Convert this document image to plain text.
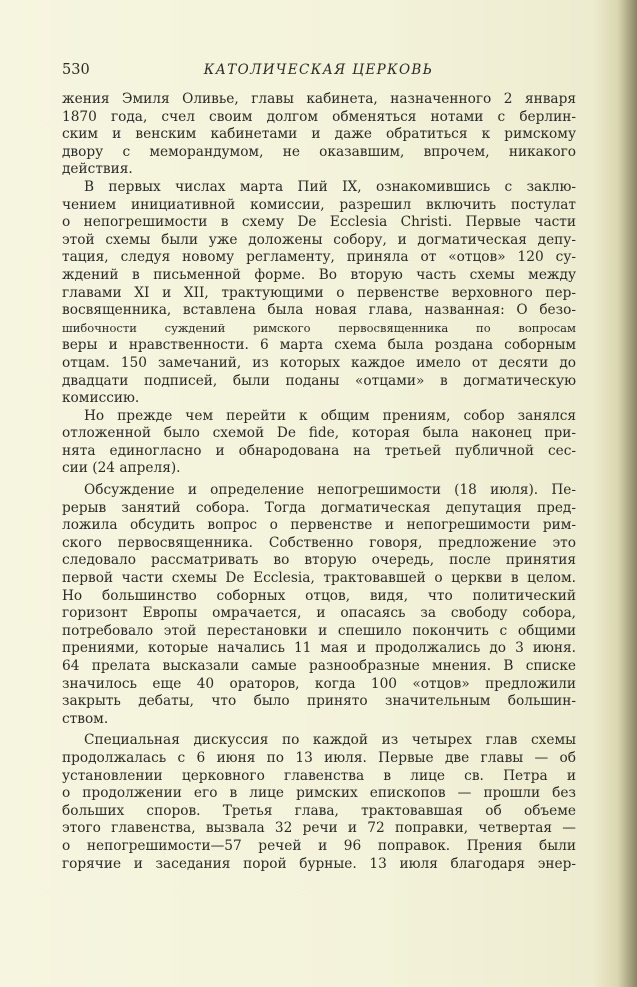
530	КАТОЛИЧЕСКАЯ ЦЕРКОВЬ

жения Эмиля Оливье, главы кабинета, назначенного 2 января

1870 года, счел своим долгом обменяться нотами с берлин-

ским и венским кабинетами и даже обратиться к римскому

двору с меморандумом, не оказавшим, впрочем, никакого

действия.

В первых числах марта Пий IX, ознакомившись с заклю-

чением инициативной комиссии, разрешил включить постулат

о непогрешимости в схему De Ecclesia Christi. Первые части

этой схемы были уже доложены собору, и догматическая депу-

тация, следуя новому регламенту, приняла от «отцов» 120 су-

ждений в письменной форме. Во вторую часть схемы между

главами XI и XII, трактующими о первенстве верховного пер-

восвященника, вставлена была новая глава, названная: О безо-

шибочности суждений римского первосвященника по вопросам

веры и нравственности. 6 марта схема была роздана соборным

отцам. 150 замечаний, из которых каждое имело от десяти до

двадцати подписей, были поданы «отцами» в догматическую

комиссию.

Но прежде чем перейти к общим прениям, собор занялся

отложенной было схемой De fide, которая была наконец при-

нята единогласно и обнародована на третьей публичной сес-

сии (24 апреля).

Обсуждение и определение непогрешимости (18 июля). Пе-

рерыв занятий собора. Тогда догматическая депутация пред-

ложила обсудить вопрос о первенстве и непогрешимости рим-

ского первосвященника. Собственно говоря, предложение это

следовало рассматривать во вторую очередь, после принятия

первой части схемы De Ecclesia, трактовавшей о церкви в целом.

Но большинство соборных отцов, видя, что политический

горизонт Европы омрачается, и опасаясь за свободу собора,

потребовало этой перестановки и спешило покончить с общими

прениями, которые начались 11 мая и продолжались до 3 июня.

64 прелата высказали самые разнообразные мнения. В списке

значилось еще 40 ораторов, когда 100 «отцов» предложили

закрыть дебаты, что было принято значительным большин-

ством.

Специальная дискуссия по каждой из четырех глав схемы

продолжалась с 6 июня по 13 июля. Первые две главы — об

установлении церковного главенства в лице св. Петра и

о продолжении его в лице римских епископов — прошли без

больших споров. Третья глава, трактовавшая об объеме

этого главенства, вызвала 32 речи и 72 поправки, четвертая —

о непогрешимости—57 речей и 96 поправок. Прения были

горячие и заседания порой бурные. 13 июля благодаря энер-
